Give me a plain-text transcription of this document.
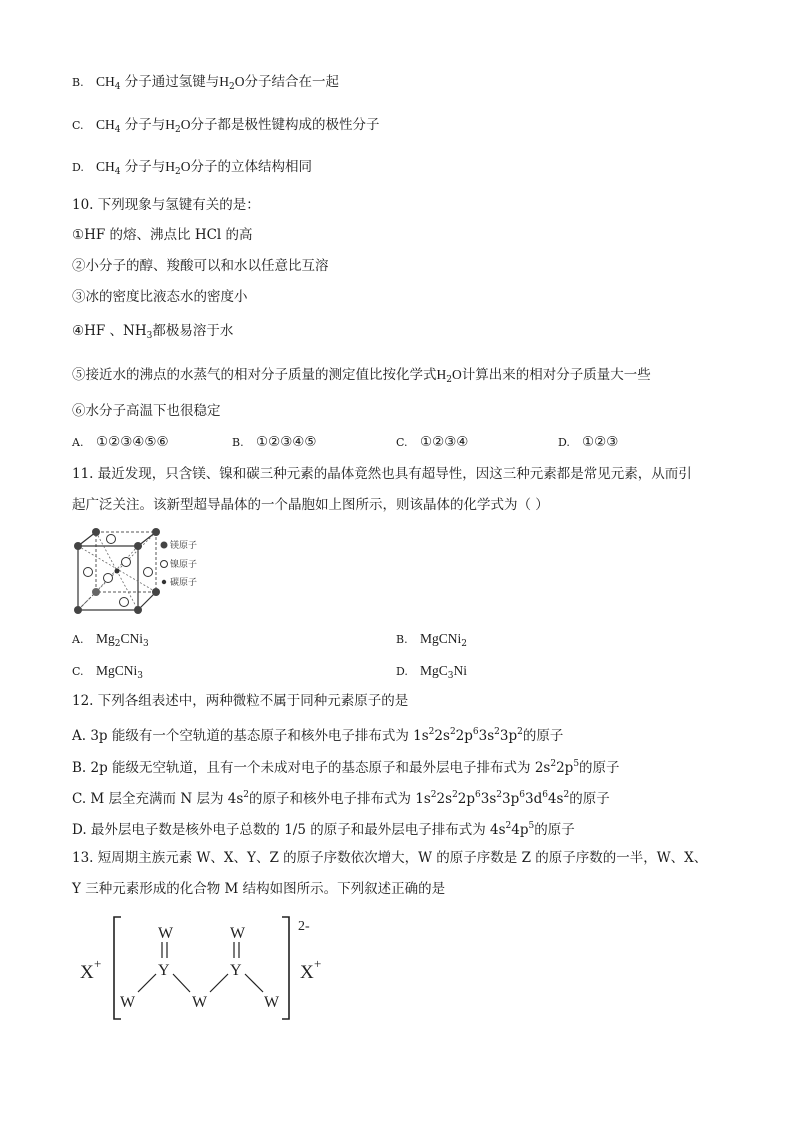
B. $CH_4$ 分子通过氢键与$H_2O$分子结合在一起
C. $CH_4$ 分子与$H_2O$分子都是极性键构成的极性分子
D. $CH_4$ 分子与$H_2O$分子的立体结构相同
10. 下列现象与氢键有关的是：
①HF 的熔、沸点比 HCl 的高
②小分子的醇、羧酸可以和水以任意比互溶
③冰的密度比液态水的密度小
④HF 、$NH_3$都极易溶于水
⑤接近水的沸点的水蒸气的相对分子质量的测定值比按化学式$H_2O$计算出来的相对分子质量大一些
⑥水分子高温下也很稳定
A. ①②③④⑤⑥	B. ①②③④⑤	C. ①②③④	D. ①②③
11. 最近发现，只含镁、镍和碳三种元素的晶体竟然也具有超导性，因这三种元素都是常见元素，从而引
起广泛关注。该新型超导晶体的一个晶胞如上图所示，则该晶体的化学式为（ ）
镁原子
镍原子
碳原子
A. $Mg_2CNi_3$	B. MgCNi$_2$
C. MgCNi$_3$	D. MgC$_3$Ni
12. 下列各组表述中，两种微粒不属于同种元素原子的是
A. 3p 能级有一个空轨道的基态原子和核外电子排布式为 $1s^22s^22p^63s^23p^2$的原子
B. 2p 能级无空轨道，且有一个未成对电子的基态原子和最外层电子排布式为 $2s^22p^5$的原子
C. M 层全充满而 N 层为 $4s^2$的原子和核外电子排布式为 $1s^22s^22p^63s^23p^63d^64s^2$的原子
D. 最外层电子数是核外电子总数的 1/5 的原子和最外层电子排布式为 $4s^24p^5$的原子
13. 短周期主族元素 W、X、Y、Z 的原子序数依次增大，W 的原子序数是 Z 的原子序数的一半，W、X、
Y 三种元素形成的化合物 M 结构如图所示。下列叙述正确的是
X +
2-
X +
W	W
Y	Y
W	W	W
